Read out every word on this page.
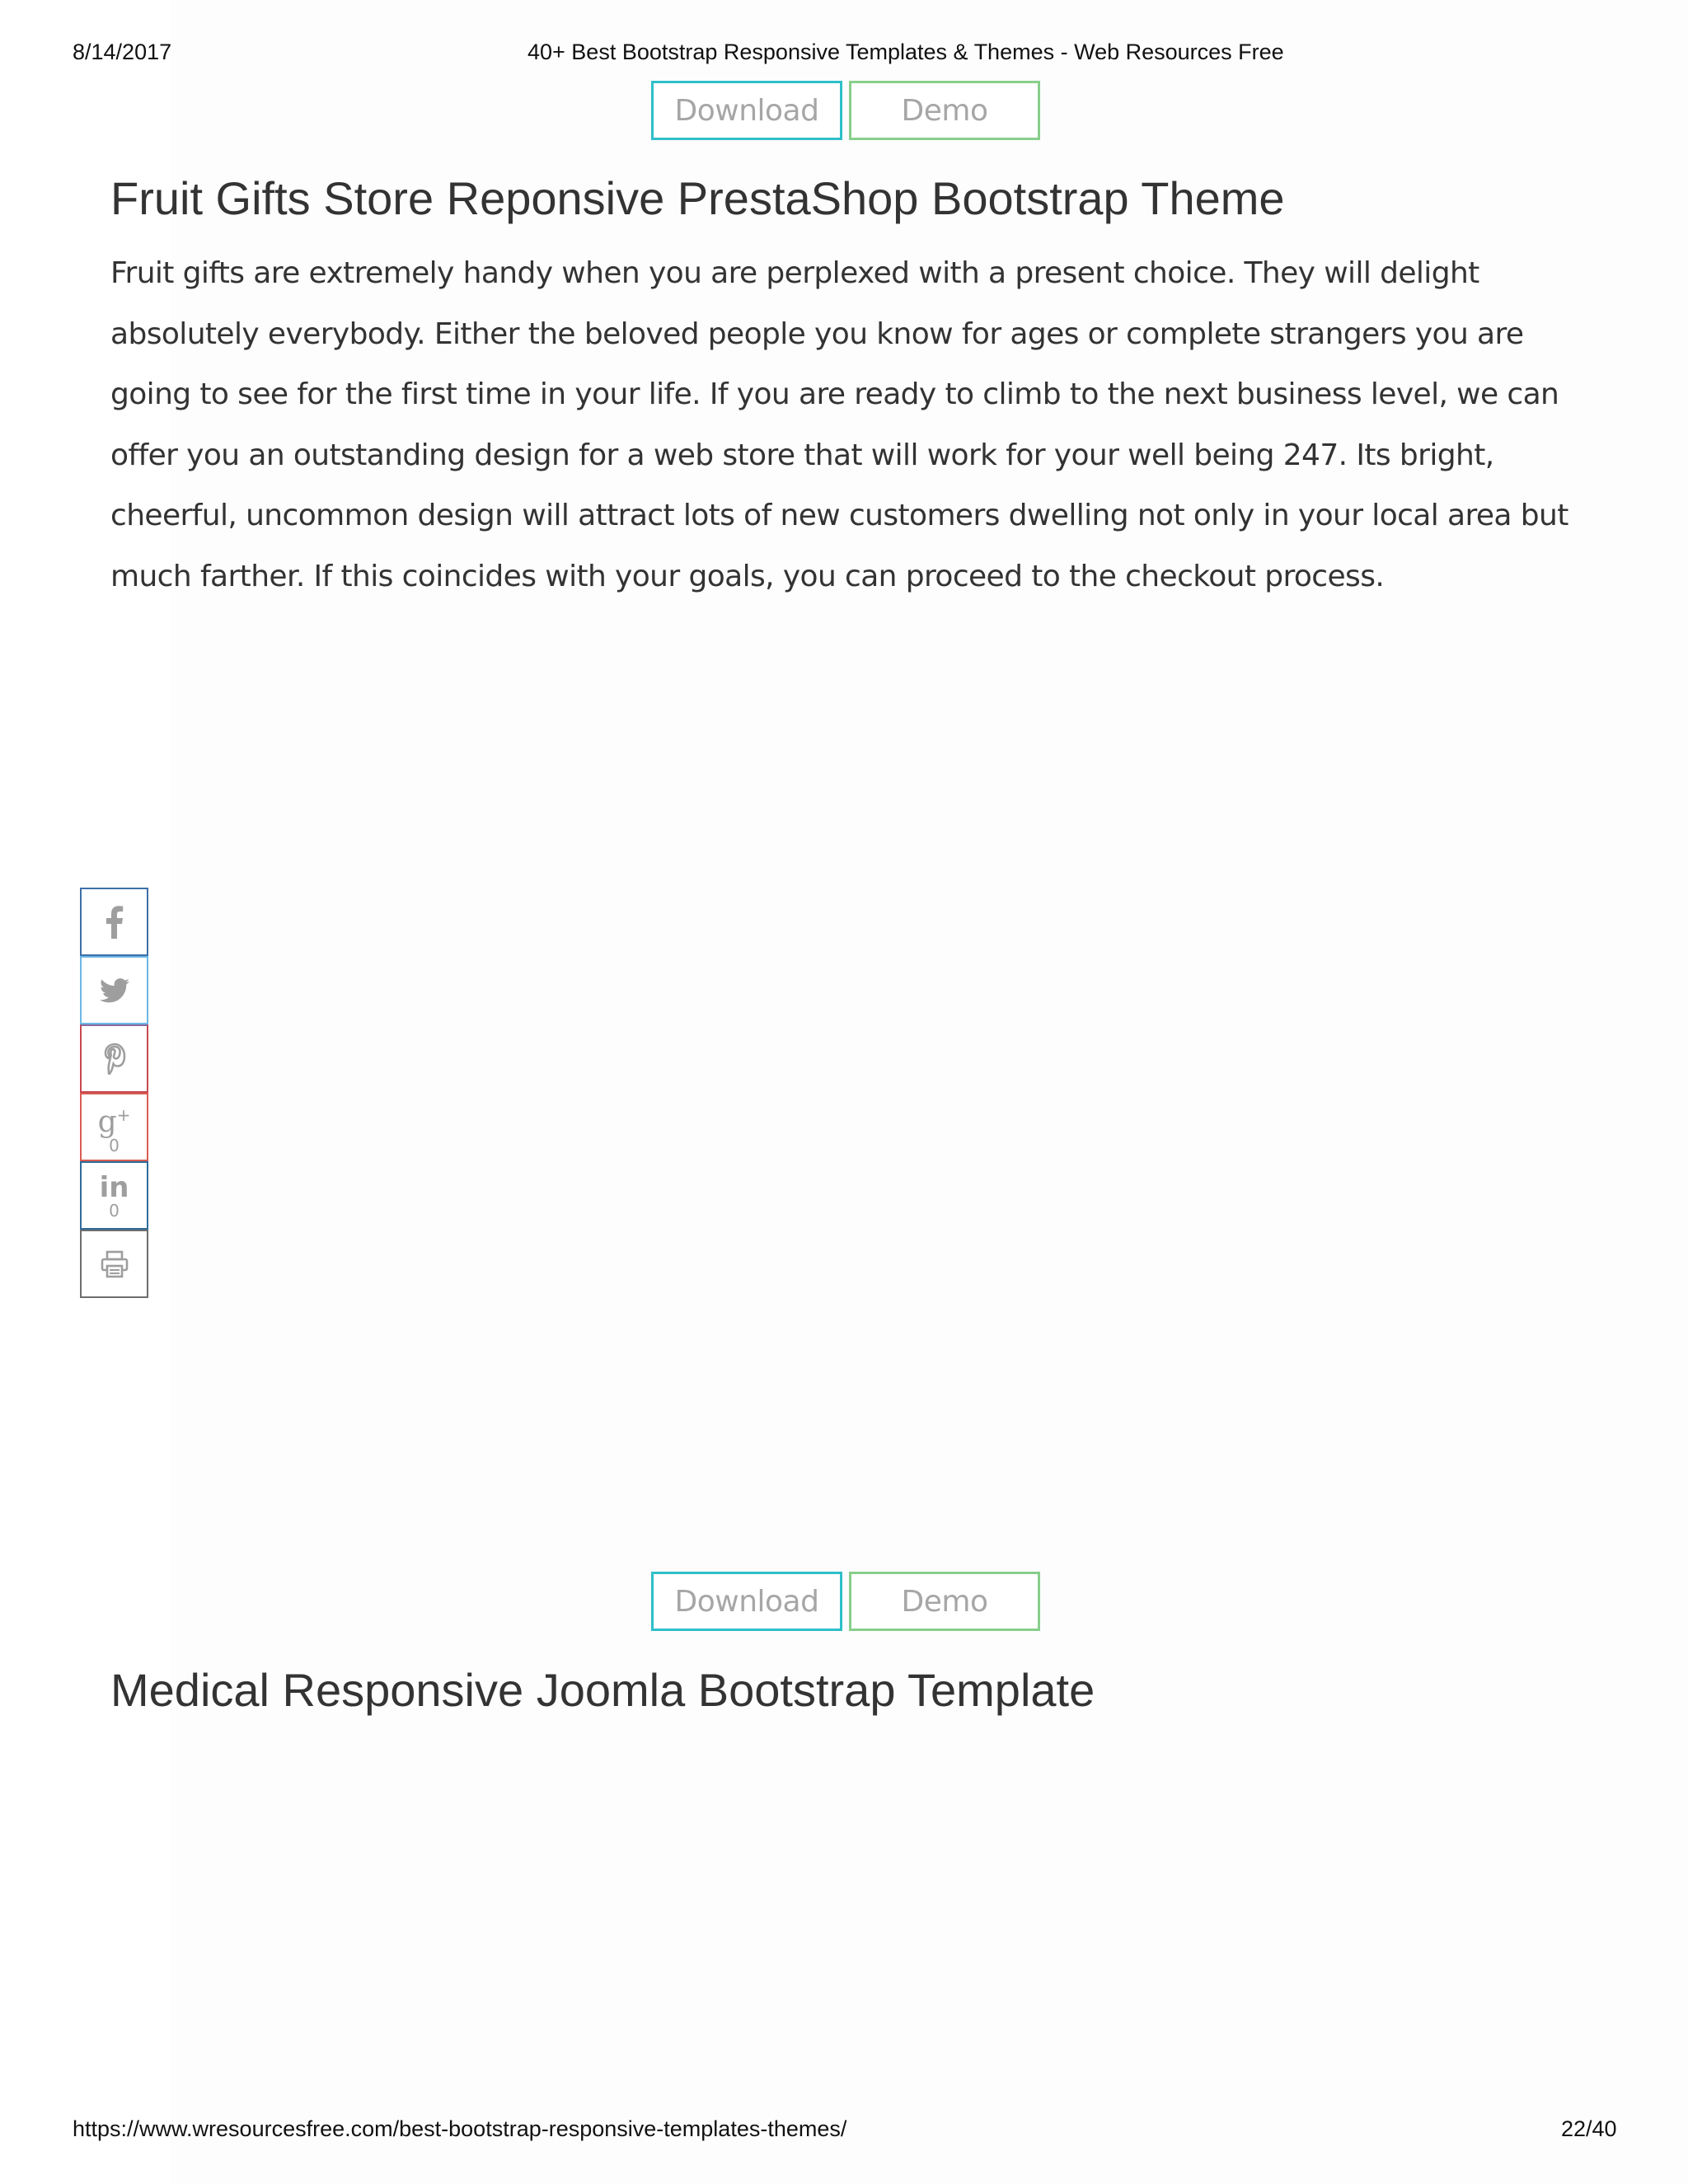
8/14/2017	40+ Best Bootstrap Responsive Templates & Themes - Web Resources Free
Download	Demo
Fruit Gifts Store Reponsive PrestaShop Bootstrap Theme

Fruit gifts are extremely handy when you are perplexed with a present choice. They will delight absolutely everybody. Either the beloved people you know for ages or complete strangers you are going to see for the first time in your life. If you are ready to climb to the next business level, we can offer you an outstanding design for a web store that will work for your well being 247. Its bright, cheerful, uncommon design will attract lots of new customers dwelling not only in your local area but much farther. If this coincides with your goals, you can proceed to the checkout process.

g+
0
in
0
Download	Demo
Medical Responsive Joomla Bootstrap Template
https://www.wresourcesfree.com/best-bootstrap-responsive-templates-themes/	22/40
